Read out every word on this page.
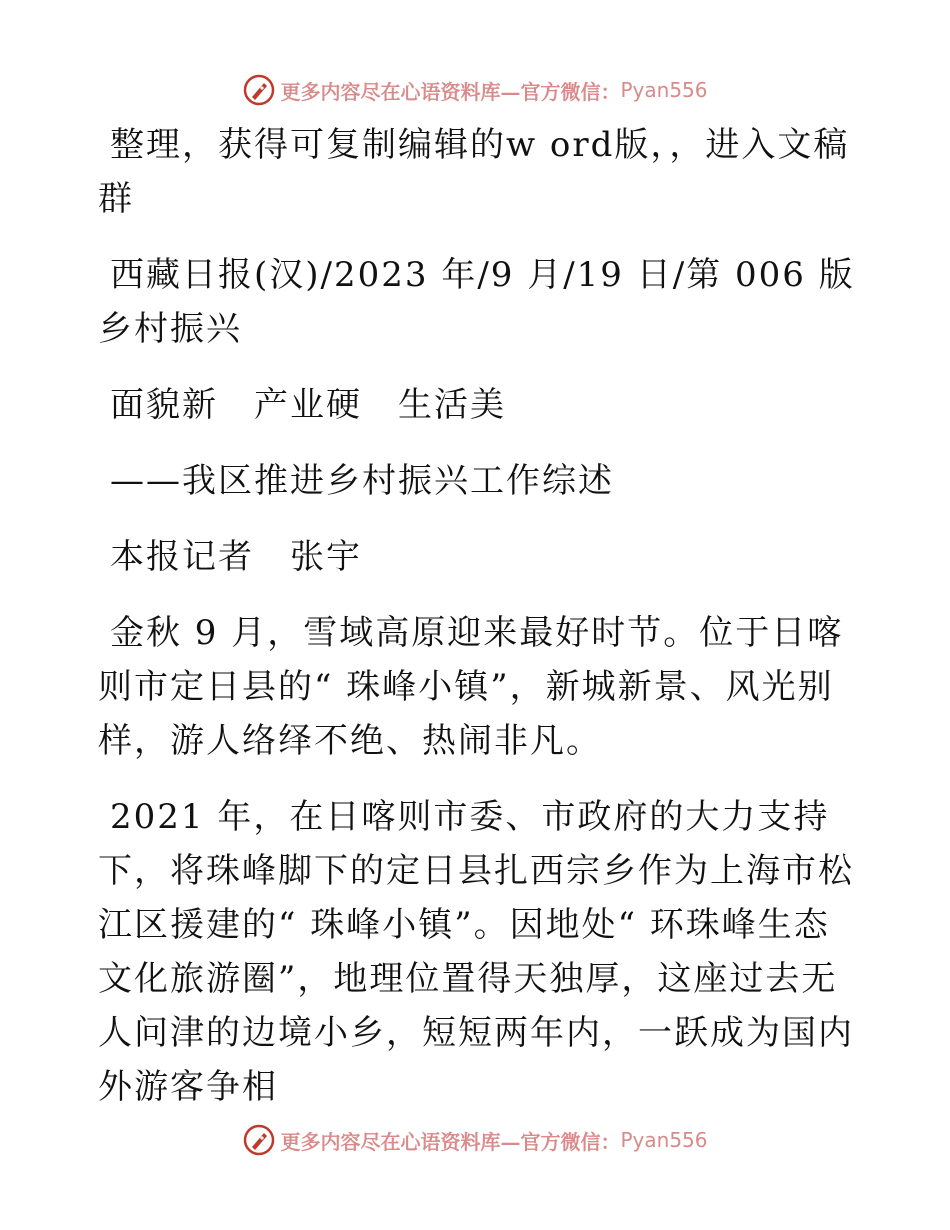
更多内容尽在心语资料库—官方微信： Pyan556

整理，获得可复制编辑的w ord版，，进入文稿群

西藏日报(汉)/2023 年/9 月/19 日/第 006 版乡村振兴

面貌新　产业硬　生活美

——我区推进乡村振兴工作综述

本报记者　张宇

金秋 9 月，雪域高原迎来最好时节。位于日喀则市定日县的“ 珠峰小镇”，新城新景、风光别样，游人络绎不绝、热闹非凡。

2021 年，在日喀则市委、市政府的大力支持下，将珠峰脚下的定日县扎西宗乡作为上海市松江区援建的“ 珠峰小镇”。因地处“ 环珠峰生态文化旅游圈”，地理位置得天独厚，这座过去无人问津的边境小乡，短短两年内，一跃成为国内外游客争相

更多内容尽在心语资料库—官方微信： Pyan556
